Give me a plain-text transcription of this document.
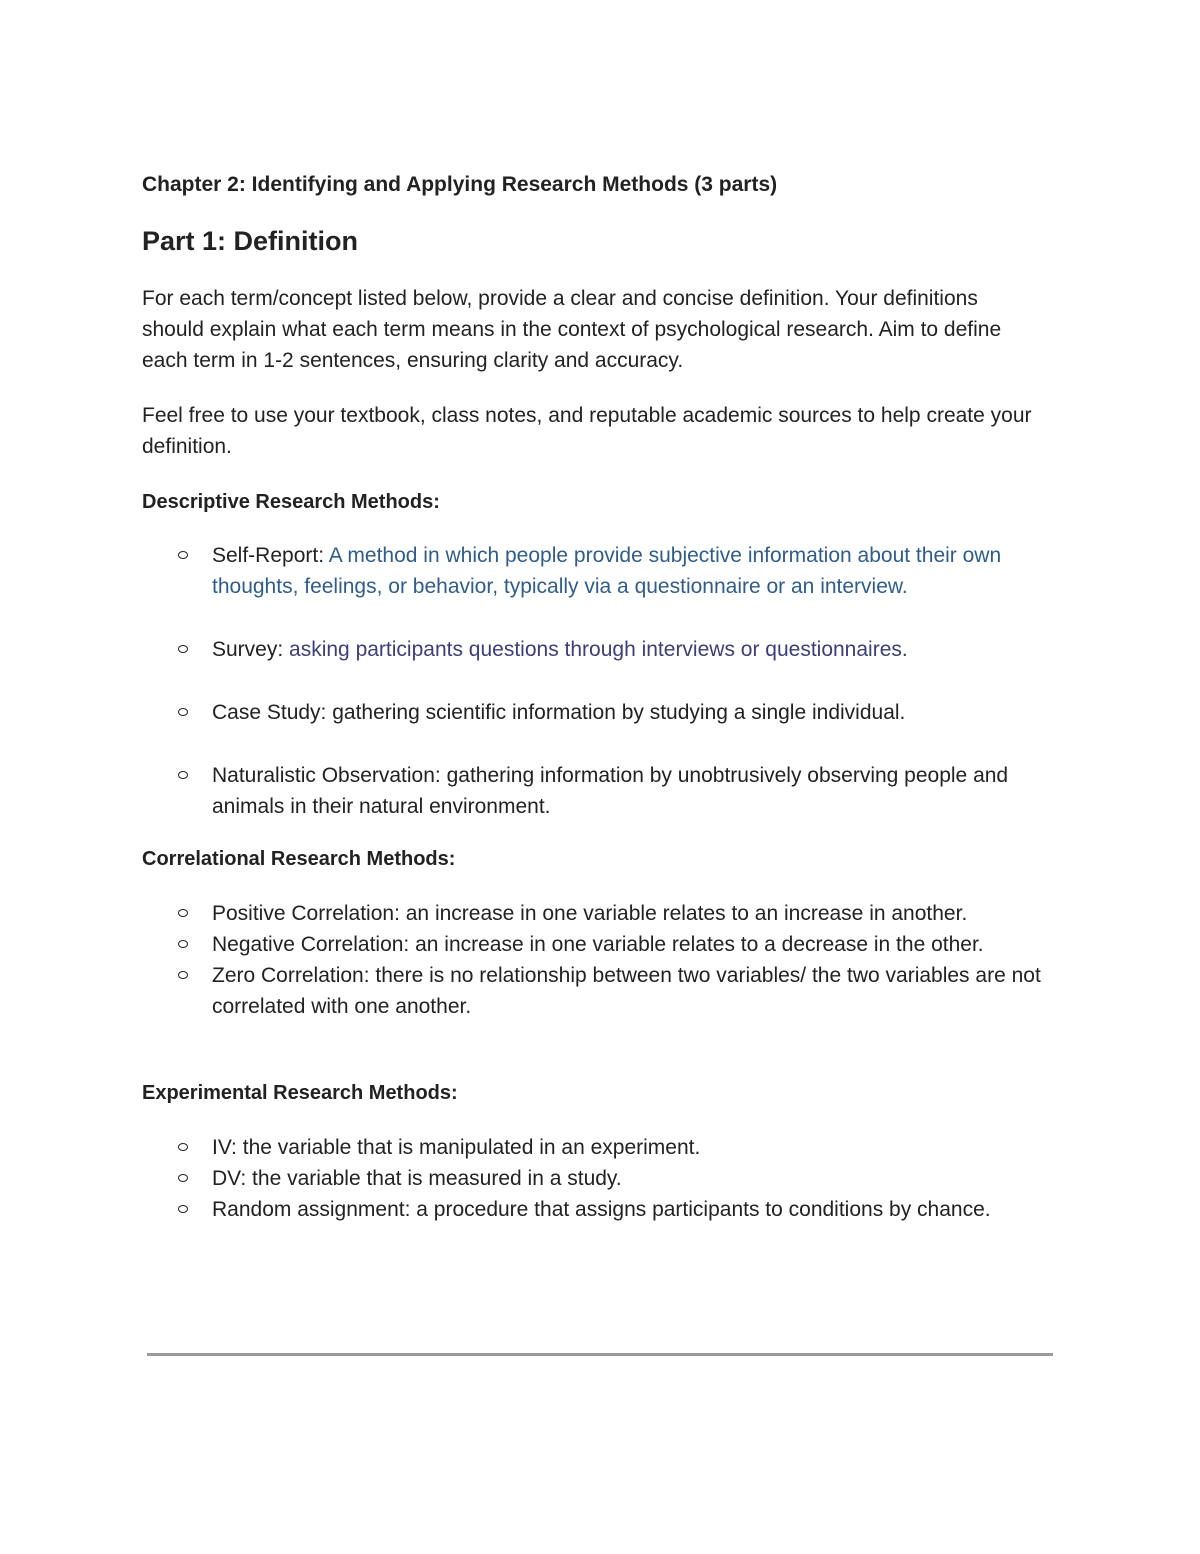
Chapter 2: Identifying and Applying Research Methods (3 parts)
Part 1: Definition

For each term/concept listed below, provide a clear and concise definition. Your definitions should explain what each term means in the context of psychological research. Aim to define each term in 1-2 sentences, ensuring clarity and accuracy.

Feel free to use your textbook, class notes, and reputable academic sources to help create your definition.

Descriptive Research Methods:
Self-Report: A method in which people provide subjective information about their own thoughts, feelings, or behavior, typically via a questionnaire or an interview.
Survey: asking participants questions through interviews or questionnaires.
Case Study: gathering scientific information by studying a single individual.
Naturalistic Observation: gathering information by unobtrusively observing people and animals in their natural environment.
Correlational Research Methods:
Positive Correlation: an increase in one variable relates to an increase in another.
Negative Correlation: an increase in one variable relates to a decrease in the other.
Zero Correlation: there is no relationship between two variables/ the two variables are not correlated with one another.
Experimental Research Methods:
IV: the variable that is manipulated in an experiment.
DV: the variable that is measured in a study.
Random assignment: a procedure that assigns participants to conditions by chance.
